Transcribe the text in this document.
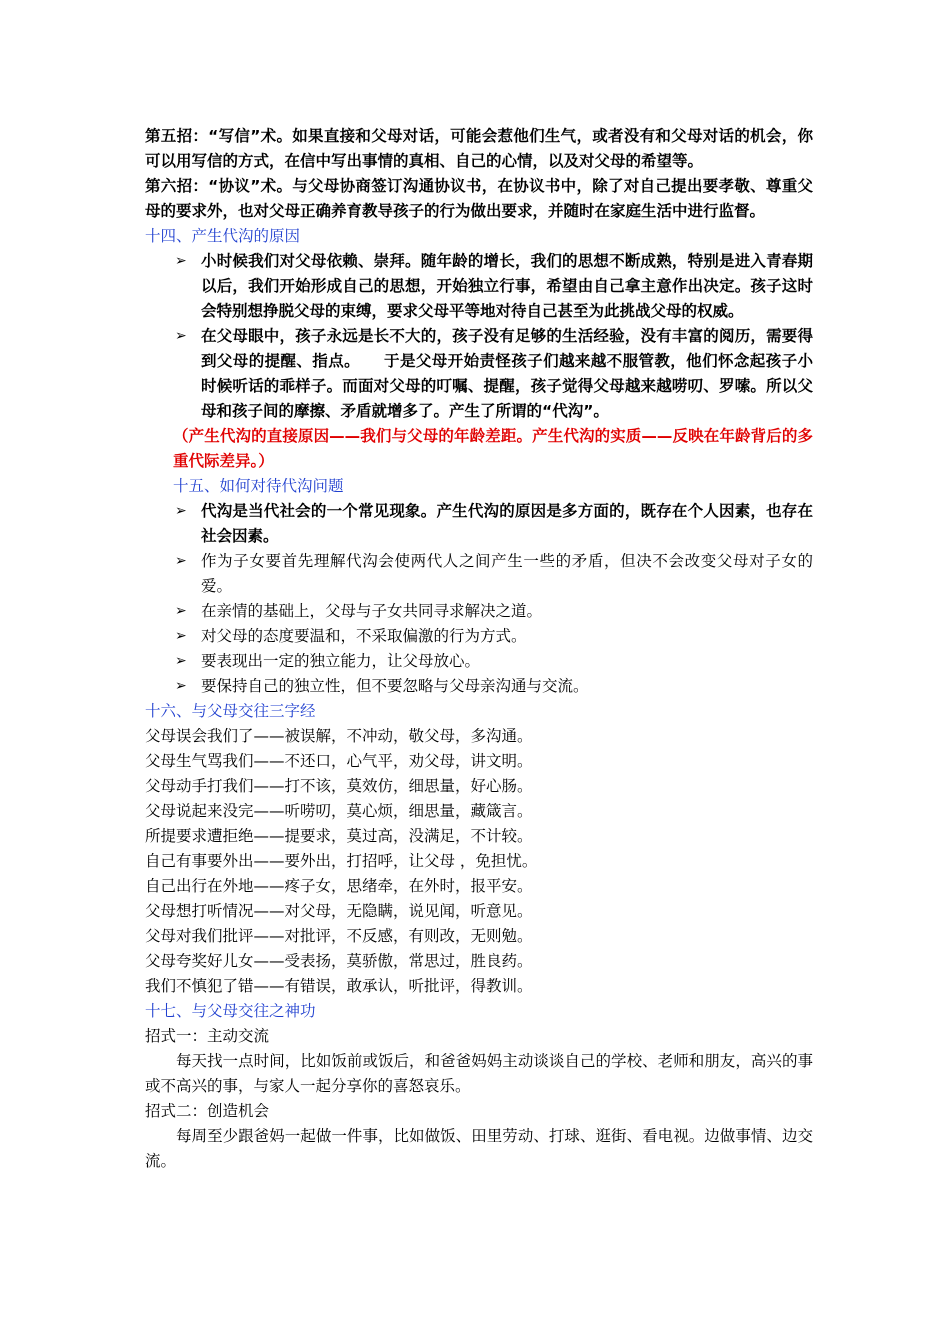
第五招：“写信”术。如果直接和父母对话，可能会惹他们生气，或者没有和父母对话的机会，你可以用写信的方式，在信中写出事情的真相、自己的心情，以及对父母的希望等。

第六招：“协议”术。与父母协商签订沟通协议书，在协议书中，除了对自己提出要孝敬、尊重父母的要求外，也对父母正确养育教导孩子的行为做出要求，并随时在家庭生活中进行监督。

十四、产生代沟的原因

➢ 小时候我们对父母依赖、崇拜。随年龄的增长，我们的思想不断成熟，特别是进入青春期以后，我们开始形成自己的思想，开始独立行事，希望由自己拿主意作出决定。孩子这时会特别想挣脱父母的束缚，要求父母平等地对待自己甚至为此挑战父母的权威。
➢ 在父母眼中，孩子永远是长不大的，孩子没有足够的生活经验，没有丰富的阅历，需要得到父母的提醒、指点。　　于是父母开始责怪孩子们越来越不服管教，他们怀念起孩子小时候听话的乖样子。而面对父母的叮嘱、提醒，孩子觉得父母越来越唠叨、罗嗦。所以父母和孩子间的摩擦、矛盾就增多了。产生了所谓的“代沟”。

（产生代沟的直接原因——我们与父母的年龄差距。产生代沟的实质——反映在年龄背后的多重代际差异。）

十五、如何对待代沟问题

➢ 代沟是当代社会的一个常见现象。产生代沟的原因是多方面的，既存在个人因素，也存在社会因素。
➢ 作为子女要首先理解代沟会使两代人之间产生一些的矛盾，但决不会改变父母对子女的爱。
➢ 在亲情的基础上，父母与子女共同寻求解决之道。
➢ 对父母的态度要温和，不采取偏激的行为方式。
➢ 要表现出一定的独立能力，让父母放心。
➢ 要保持自己的独立性，但不要忽略与父母亲沟通与交流。

十六、与父母交往三字经

父母误会我们了——被误解，不冲动，敬父母，多沟通。

父母生气骂我们——不还口，心气平，劝父母，讲文明。

父母动手打我们——打不该，莫效仿，细思量，好心肠。

父母说起来没完——听唠叨，莫心烦，细思量，藏箴言。

所提要求遭拒绝——提要求，莫过高，没满足，不计较。

自己有事要外出——要外出，打招呼，让父母 ，免担忧。

自己出行在外地——疼子女，思绪牵，在外时，报平安。

父母想打听情况——对父母，无隐瞒，说见闻，听意见。

父母对我们批评——对批评，不反感，有则改，无则勉。

父母夸奖好儿女——受表扬，莫骄傲，常思过，胜良药。

我们不慎犯了错——有错误，敢承认，听批评，得教训。

十七、与父母交往之神功

招式一：主动交流

每天找一点时间，比如饭前或饭后，和爸爸妈妈主动谈谈自己的学校、老师和朋友，高兴的事或不高兴的事，与家人一起分享你的喜怒哀乐。

招式二：创造机会

每周至少跟爸妈一起做一件事，比如做饭、田里劳动、打球、逛街、看电视。边做事情、边交流。
